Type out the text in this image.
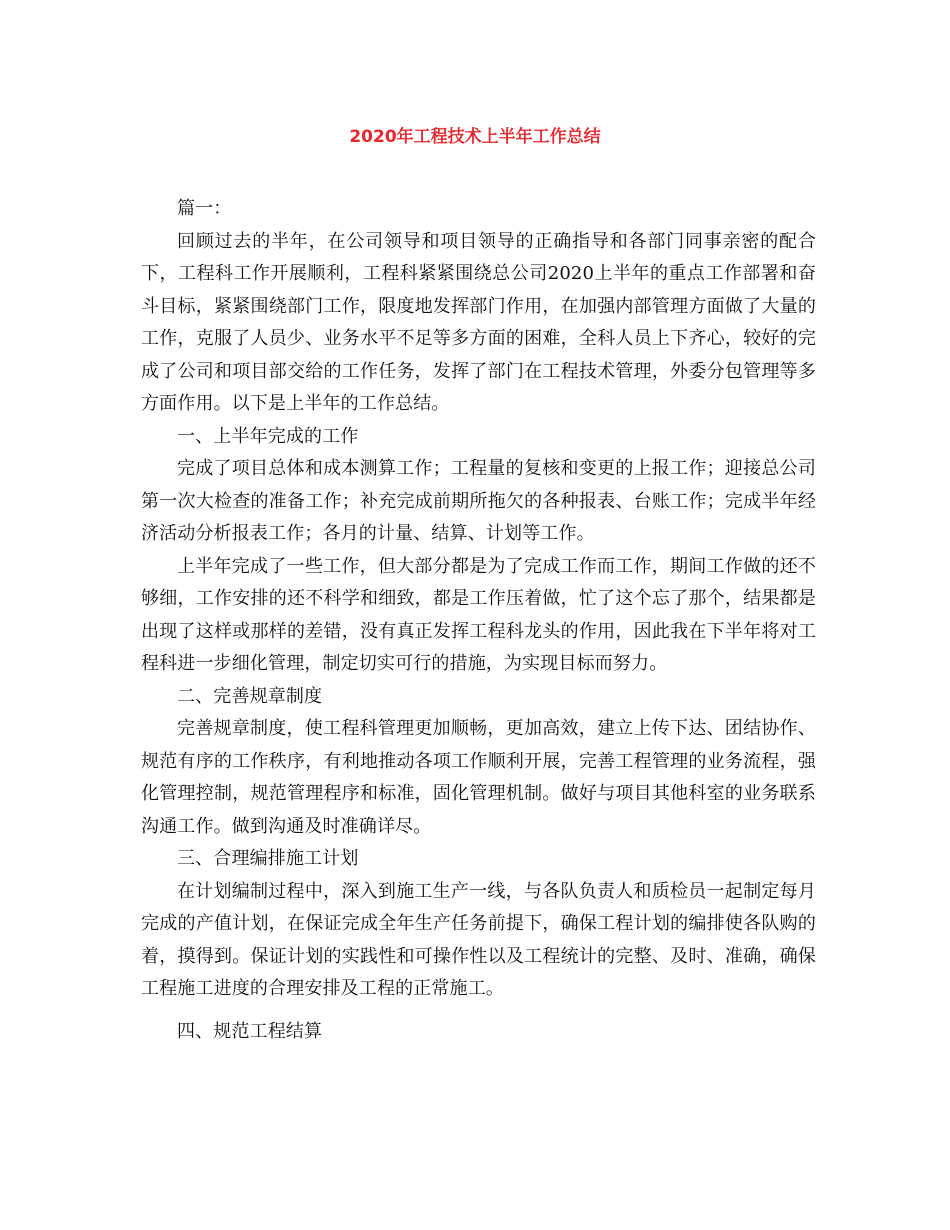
2020年工程技术上半年工作总结

篇一：

回顾过去的半年，在公司领导和项目领导的正确指导和各部门同事亲密的配合下，工程科工作开展顺利，工程科紧紧围绕总公司2020上半年的重点工作部署和奋斗目标，紧紧围绕部门工作，限度地发挥部门作用，在加强内部管理方面做了大量的工作，克服了人员少、业务水平不足等多方面的困难，全科人员上下齐心，较好的完成了公司和项目部交给的工作任务，发挥了部门在工程技术管理，外委分包管理等多方面作用。以下是上半年的工作总结。

一、上半年完成的工作

完成了项目总体和成本测算工作；工程量的复核和变更的上报工作；迎接总公司第一次大检查的准备工作；补充完成前期所拖欠的各种报表、台账工作；完成半年经济活动分析报表工作；各月的计量、结算、计划等工作。

上半年完成了一些工作，但大部分都是为了完成工作而工作，期间工作做的还不够细，工作安排的还不科学和细致，都是工作压着做，忙了这个忘了那个，结果都是出现了这样或那样的差错，没有真正发挥工程科龙头的作用，因此我在下半年将对工程科进一步细化管理，制定切实可行的措施，为实现目标而努力。

二、完善规章制度

完善规章制度，使工程科管理更加顺畅，更加高效，建立上传下达、团结协作、规范有序的工作秩序，有利地推动各项工作顺利开展，完善工程管理的业务流程，强化管理控制，规范管理程序和标准，固化管理机制。做好与项目其他科室的业务联系沟通工作。做到沟通及时准确详尽。

三、合理编排施工计划

在计划编制过程中，深入到施工生产一线，与各队负责人和质检员一起制定每月完成的产值计划，在保证完成全年生产任务前提下，确保工程计划的编排使各队购的着，摸得到。保证计划的实践性和可操作性以及工程统计的完整、及时、准确，确保工程施工进度的合理安排及工程的正常施工。

四、规范工程结算
